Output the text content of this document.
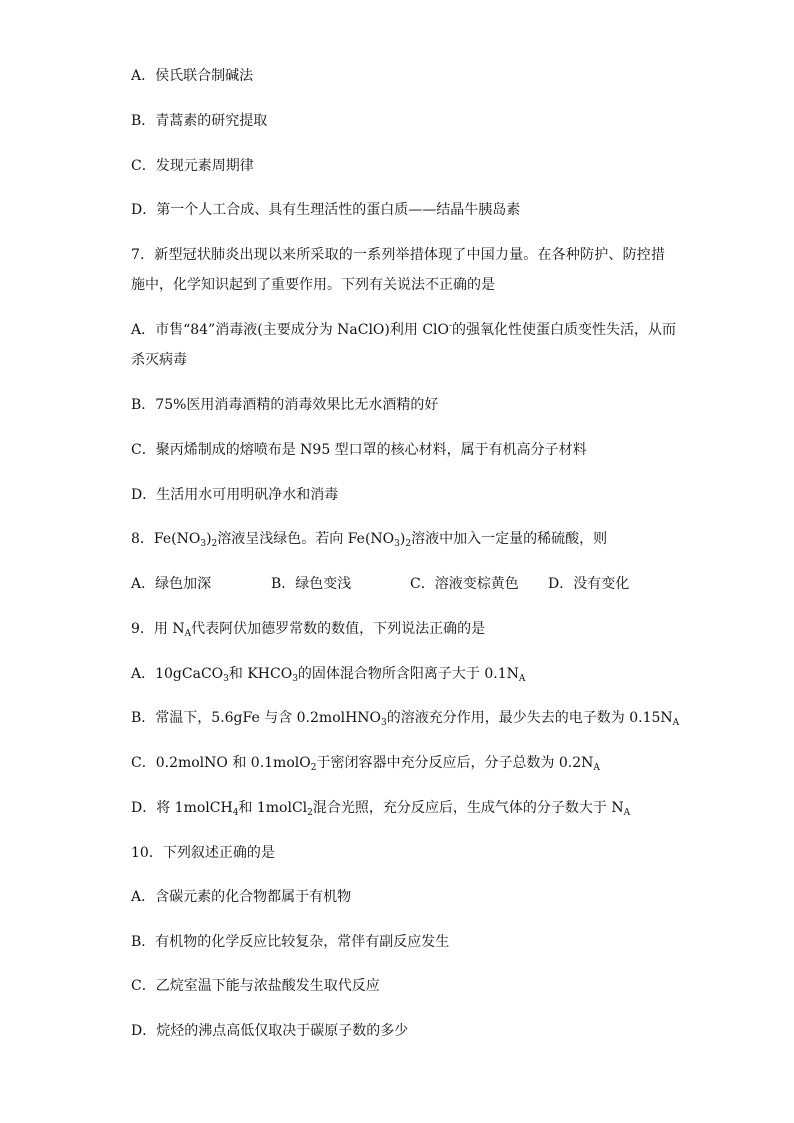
A．侯氏联合制碱法
B．青蒿素的研究提取
C．发现元素周期律
D．第一个人工合成、具有生理活性的蛋白质——结晶牛胰岛素
7．新型冠状肺炎出现以来所采取的一系列举措体现了中国力量。在各种防护、防控措
施中，化学知识起到了重要作用。下列有关说法不正确的是
A．市售“84”消毒液(主要成分为 NaClO)利用 ClO-的强氧化性使蛋白质变性失活，从而
杀灭病毒
B．75%医用消毒酒精的消毒效果比无水酒精的好
C．聚丙烯制成的熔喷布是 N95 型口罩的核心材料，属于有机高分子材料
D．生活用水可用明矾净水和消毒
8．$Fe(NO_3)_2$溶液呈浅绿色。若向 $Fe(NO_3)_2$溶液中加入一定量的稀硫酸，则
A．绿色加深	B．绿色变浅	C．溶液变棕黄色 D．没有变化
9．用 $N_A$代表阿伏加德罗常数的数值，下列说法正确的是
A．10gCaCO$_3$和 $KHCO_3$的固体混合物所含阳离子大于 $0.1N_A$
B．常温下，5.6gFe 与含 0.2molHNO$_3$的溶液充分作用，最少失去的电子数为 $0.15N_A$
C．0.2molNO 和 0.1molO$_2$于密闭容器中充分反应后，分子总数为 $0.2N_A$
D．将 1molCH$_4$和 1molCl$_2$混合光照，充分反应后，生成气体的分子数大于 $N_A$
10．下列叙述正确的是
A．含碳元素的化合物都属于有机物
B．有机物的化学反应比较复杂，常伴有副反应发生
C．乙烷室温下能与浓盐酸发生取代反应
D．烷烃的沸点高低仅取决于碳原子数的多少
